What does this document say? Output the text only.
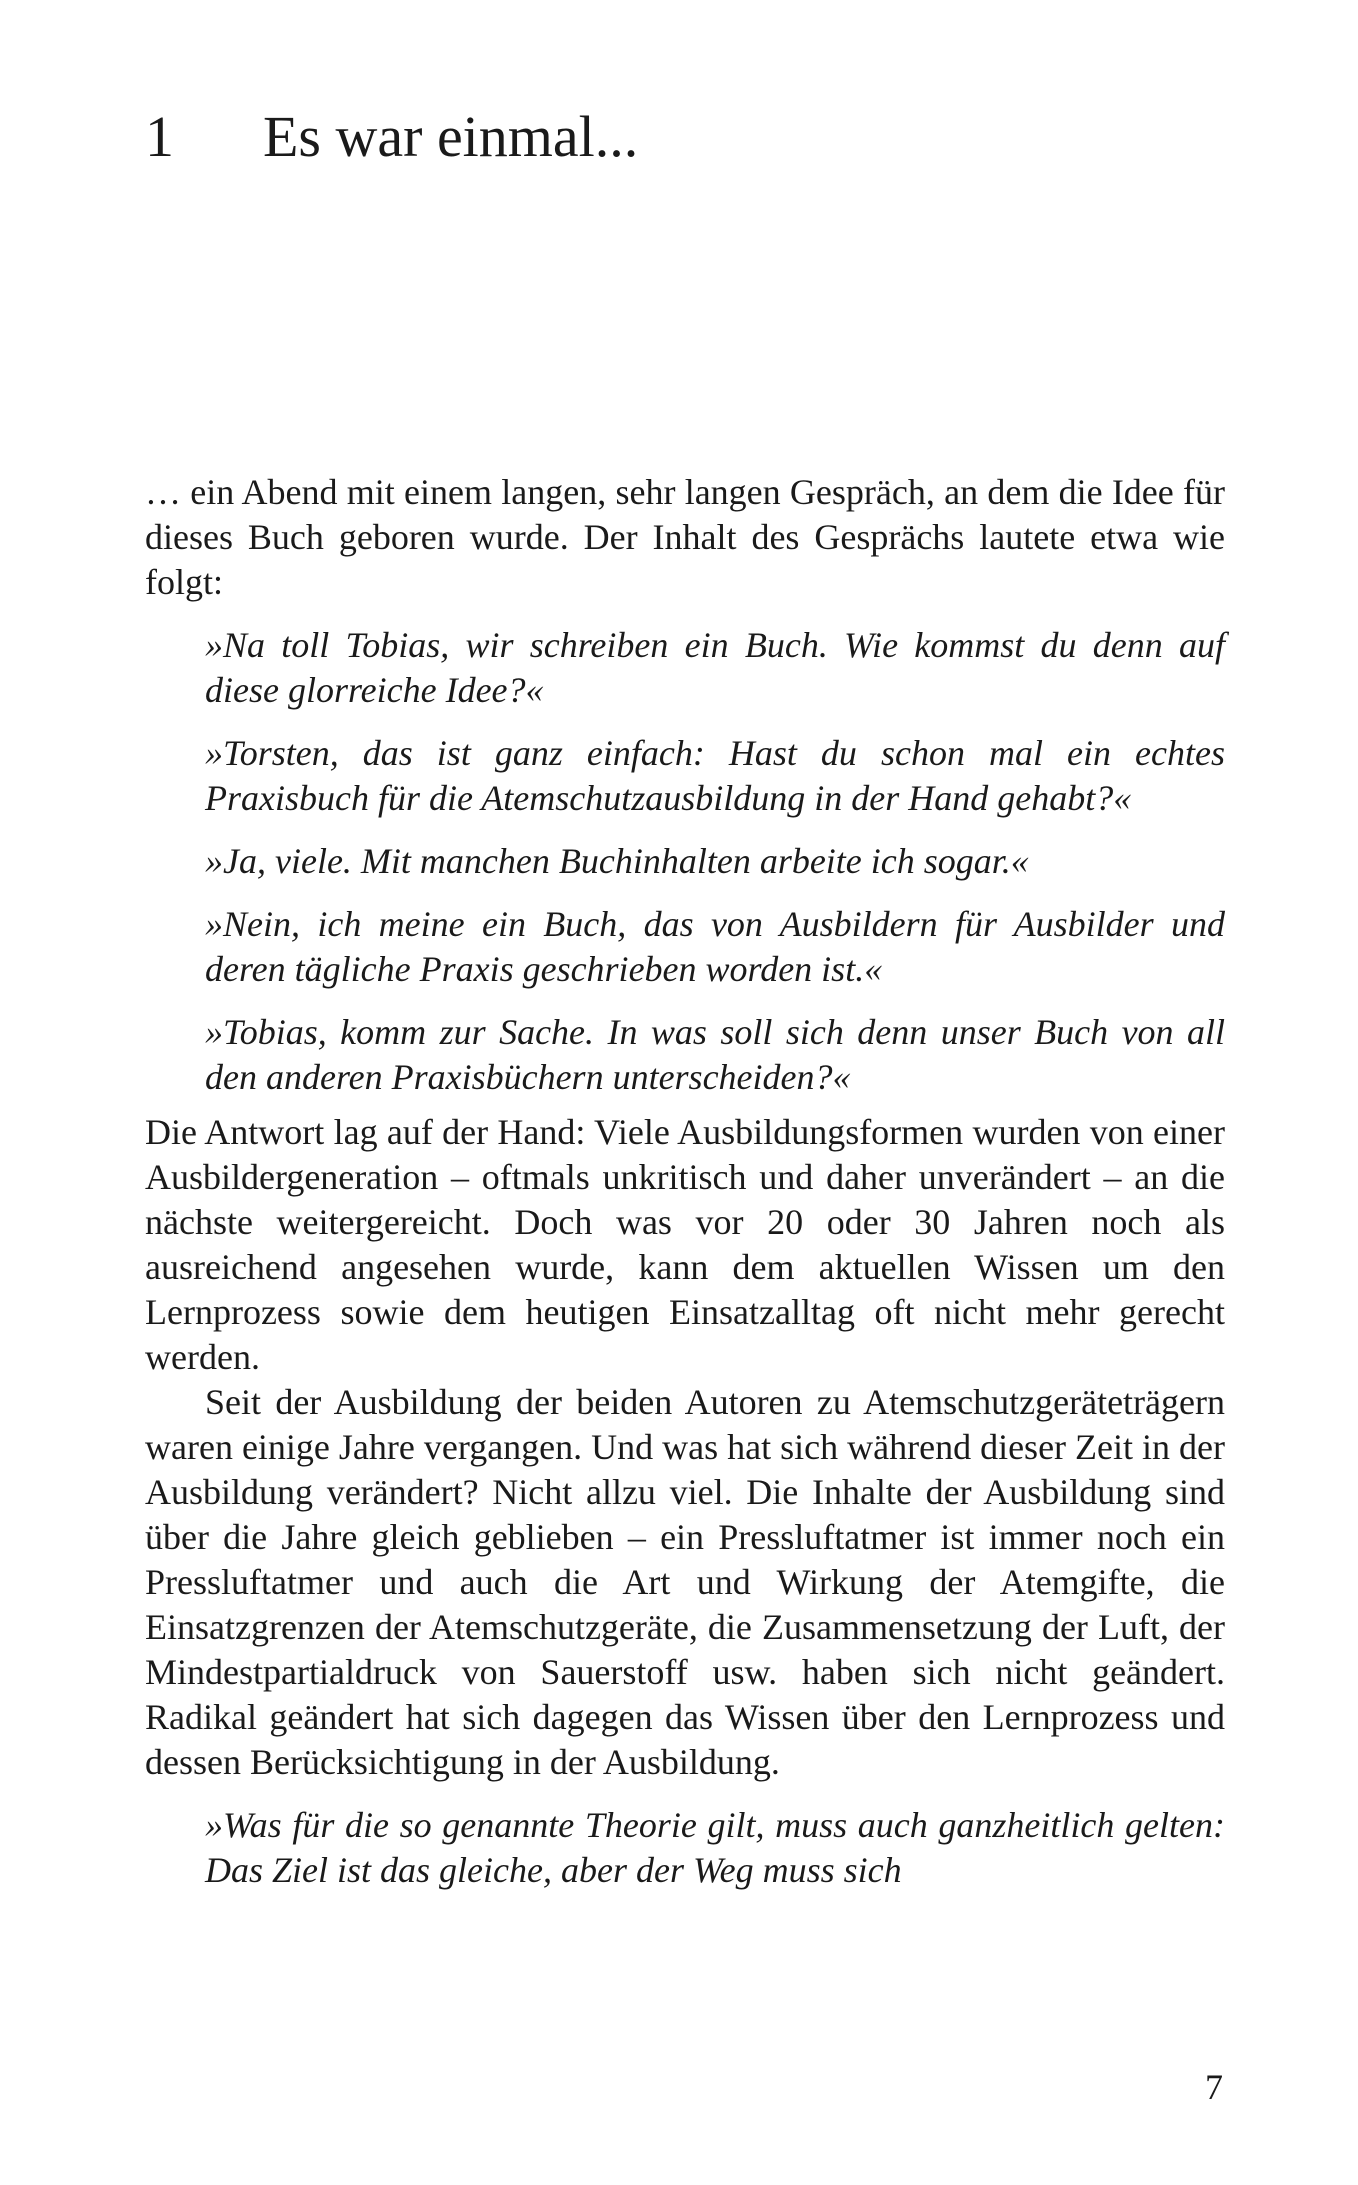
1 Es war einmal...

… ein Abend mit einem langen, sehr langen Gespräch, an dem die Idee für dieses Buch geboren wurde. Der Inhalt des Gesprächs lautete etwa wie folgt:

»Na toll Tobias, wir schreiben ein Buch. Wie kommst du denn auf diese glorreiche Idee?«

»Torsten, das ist ganz einfach: Hast du schon mal ein echtes Praxisbuch für die Atemschutzausbildung in der Hand gehabt?«

»Ja, viele. Mit manchen Buchinhalten arbeite ich sogar.«

»Nein, ich meine ein Buch, das von Ausbildern für Ausbilder und deren tägliche Praxis geschrieben worden ist.«

»Tobias, komm zur Sache. In was soll sich denn unser Buch von all den anderen Praxisbüchern unterscheiden?«

Die Antwort lag auf der Hand: Viele Ausbildungsformen wurden von einer Ausbildergeneration – oftmals unkritisch und daher unverändert – an die nächste weitergereicht. Doch was vor 20 oder 30 Jahren noch als ausreichend angesehen wurde, kann dem aktuellen Wissen um den Lernprozess sowie dem heutigen Einsatzalltag oft nicht mehr gerecht werden.

Seit der Ausbildung der beiden Autoren zu Atemschutzgeräteträgern waren einige Jahre vergangen. Und was hat sich während dieser Zeit in der Ausbildung verändert? Nicht allzu viel. Die Inhalte der Ausbildung sind über die Jahre gleich geblieben – ein Pressluftatmer ist immer noch ein Pressluftatmer und auch die Art und Wirkung der Atemgifte, die Einsatzgrenzen der Atemschutzgeräte, die Zusammensetzung der Luft, der Mindestpartialdruck von Sauerstoff usw. haben sich nicht geändert. Radikal geändert hat sich dagegen das Wissen über den Lernprozess und dessen Berücksichtigung in der Ausbildung.

»Was für die so genannte Theorie gilt, muss auch ganzheitlich gelten: Das Ziel ist das gleiche, aber der Weg muss sich

7
